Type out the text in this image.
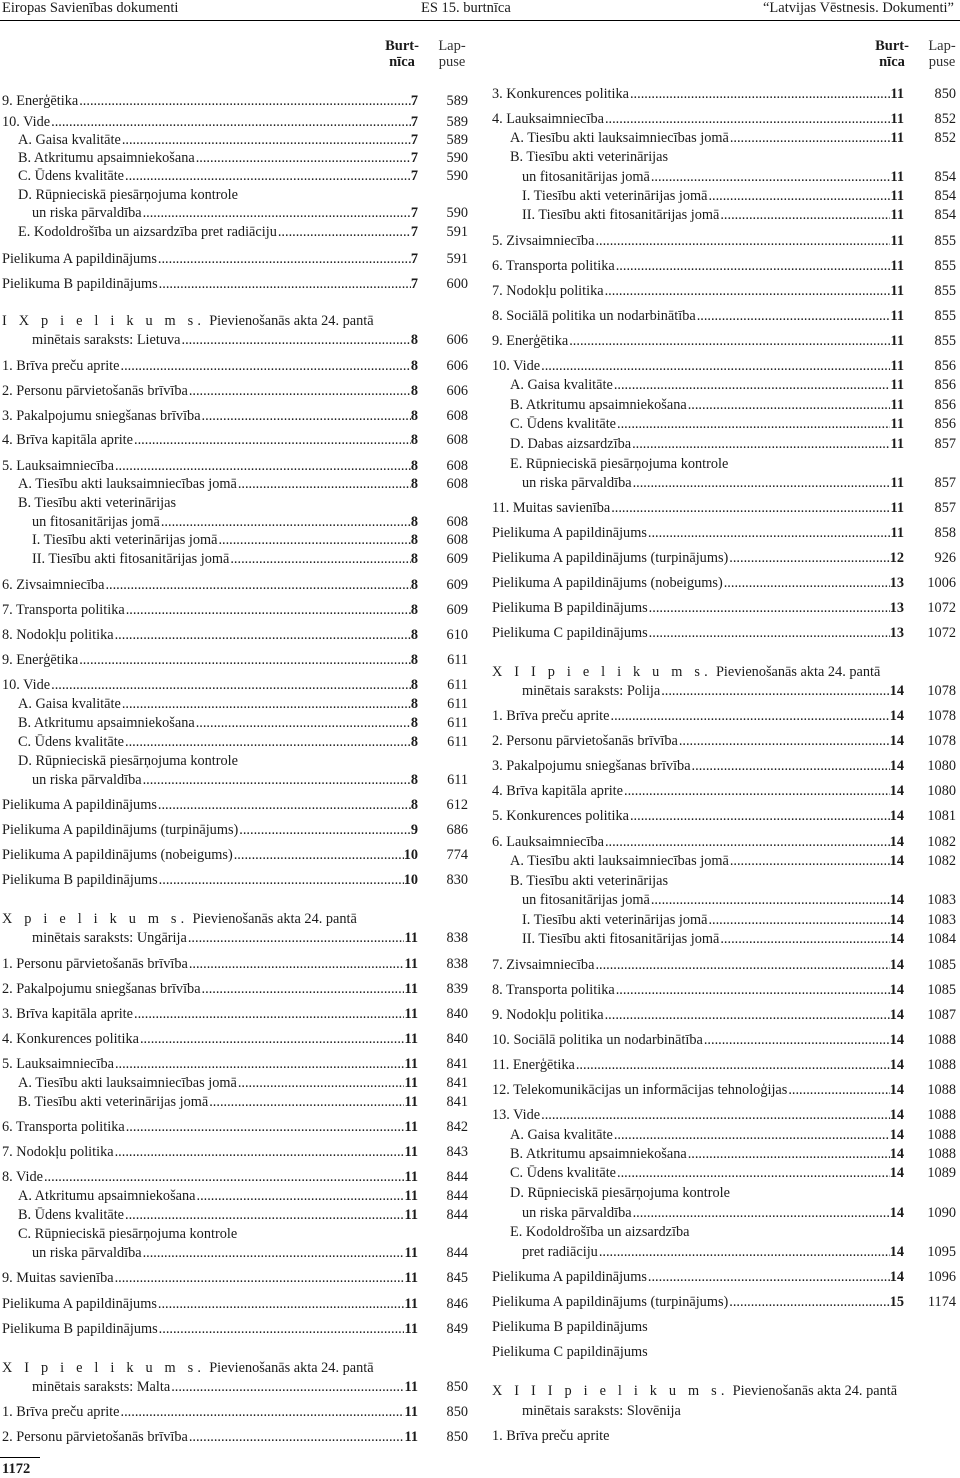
Eiropas Savienības dokumenti	ES 15. burtnīca	“Latvijas Vēstnesis. Dokumenti”
Burt-
nīca
Lap-
puse
Burt-
nīca
Lap-
puse
9. Enerģētika .....	7	589
10. Vide .....	7	589
A. Gaisa kvalitāte .....	7	589
B. Atkritumu apsaimniekošana .....	7	590
C. Ūdens kvalitāte .....	7	590
D. Rūpnieciskā piesārņojuma kontrole
un riska pārvaldība .....	7	590
E. Kodoldrošība un aizsardzība pret radiāciju .....	7	591
Pielikuma A papildinājums .....	7	591
Pielikuma B papildinājums .....	7	600
I X p i e l i k u m s. Pievienošanās akta 24. pantā
minētais saraksts: Lietuva .....	8	606
1. Brīva preču aprite .....	8	606
2. Personu pārvietošanās brīvība .....	8	606
3. Pakalpojumu sniegšanas brīvība .....	8	608
4. Brīva kapitāla aprite .....	8	608
5. Lauksaimniecība .....	8	608
A. Tiesību akti lauksaimniecības jomā .....	8	608
B. Tiesību akti veterinārijas
un fitosanitārijas jomā .....	8	608
I. Tiesību akti veterinārijas jomā .....	8	608
II. Tiesību akti fitosanitārijas jomā .....	8	609
6. Zivsaimniecība .....	8	609
7. Transporta politika .....	8	609
8. Nodokļu politika .....	8	610
9. Enerģētika .....	8	611
10. Vide .....	8	611
A. Gaisa kvalitāte .....	8	611
B. Atkritumu apsaimniekošana .....	8	611
C. Ūdens kvalitāte .....	8	611
D. Rūpnieciskā piesārņojuma kontrole
un riska pārvaldība .....	8	611
Pielikuma A papildinājums .....	8	612
Pielikuma A papildinājums (turpinājums) .....	9	686
Pielikuma A papildinājums (nobeigums) .....	10	774
Pielikuma B papildinājums .....	10	830
X p i e l i k u m s. Pievienošanās akta 24. pantā
minētais saraksts: Ungārija .....	11	838
1. Personu pārvietošanās brīvība .....	11	838
2. Pakalpojumu sniegšanas brīvība .....	11	839
3. Brīva kapitāla aprite .....	11	840
4. Konkurences politika .....	11	840
5. Lauksaimniecība .....	11	841
A. Tiesību akti lauksaimniecības jomā .....	11	841
B. Tiesību akti veterinārijas jomā .....	11	841
6. Transporta politika .....	11	842
7. Nodokļu politika .....	11	843
8. Vide .....	11	844
A. Atkritumu apsaimniekošana .....	11	844
B. Ūdens kvalitāte .....	11	844
C. Rūpnieciskā piesārņojuma kontrole
un riska pārvaldība .....	11	844
9. Muitas savienība .....	11	845
Pielikuma A papildinājums .....	11	846
Pielikuma B papildinājums .....	11	849
X I p i e l i k u m s. Pievienošanās akta 24. pantā
minētais saraksts: Malta .....	11	850
1. Brīva preču aprite .....	11	850
2. Personu pārvietošanās brīvība .....	11	850
3. Konkurences politika .....	11	850
4. Lauksaimniecība .....	11	852
A. Tiesību akti lauksaimniecības jomā .....	11	852
B. Tiesību akti veterinārijas
un fitosanitārijas jomā .....	11	854
I. Tiesību akti veterinārijas jomā .....	11	854
II. Tiesību akti fitosanitārijas jomā .....	11	854
5. Zivsaimniecība .....	11	855
6. Transporta politika .....	11	855
7. Nodokļu politika .....	11	855
8. Sociālā politika un nodarbinātība .....	11	855
9. Enerģētika .....	11	855
10. Vide .....	11	856
A. Gaisa kvalitāte .....	11	856
B. Atkritumu apsaimniekošana .....	11	856
C. Ūdens kvalitāte .....	11	856
D. Dabas aizsardzība .....	11	857
E. Rūpnieciskā piesārņojuma kontrole
un riska pārvaldība .....	11	857
11. Muitas savienība .....	11	857
Pielikuma A papildinājums .....	11	858
Pielikuma A papildinājums (turpinājums) .....	12	926
Pielikuma A papildinājums (nobeigums) .....	13	1006
Pielikuma B papildinājums .....	13	1072
Pielikuma C papildinājums .....	13	1072
X I I p i e l i k u m s. Pievienošanās akta 24. pantā
minētais saraksts: Polija .....	14	1078
1. Brīva preču aprite .....	14	1078
2. Personu pārvietošanās brīvība .....	14	1078
3. Pakalpojumu sniegšanas brīvība .....	14	1080
4. Brīva kapitāla aprite .....	14	1080
5. Konkurences politika .....	14	1081
6. Lauksaimniecība .....	14	1082
A. Tiesību akti lauksaimniecības jomā .....	14	1082
B. Tiesību akti veterinārijas
un fitosanitārijas jomā .....	14	1083
I. Tiesību akti veterinārijas jomā .....	14	1083
II. Tiesību akti fitosanitārijas jomā .....	14	1084
7. Zivsaimniecība .....	14	1085
8. Transporta politika .....	14	1085
9. Nodokļu politika .....	14	1087
10. Sociālā politika un nodarbinātība .....	14	1088
11. Enerģētika .....	14	1088
12. Telekomunikācijas un informācijas tehnoloģijas .....	14	1088
13. Vide .....	14	1088
A. Gaisa kvalitāte .....	14	1088
B. Atkritumu apsaimniekošana .....	14	1088
C. Ūdens kvalitāte .....	14	1089
D. Rūpnieciskā piesārņojuma kontrole
un riska pārvaldība .....	14	1090
E. Kodoldrošība un aizsardzība
pret radiāciju .....	14	1095
Pielikuma A papildinājums .....	14	1096
Pielikuma A papildinājums (turpinājums) .....	15	1174
Pielikuma B papildinājums
Pielikuma C papildinājums
X I I I p i e l i k u m s. Pievienošanās akta 24. pantā
minētais saraksts: Slovēnija
1. Brīva preču aprite
1172
